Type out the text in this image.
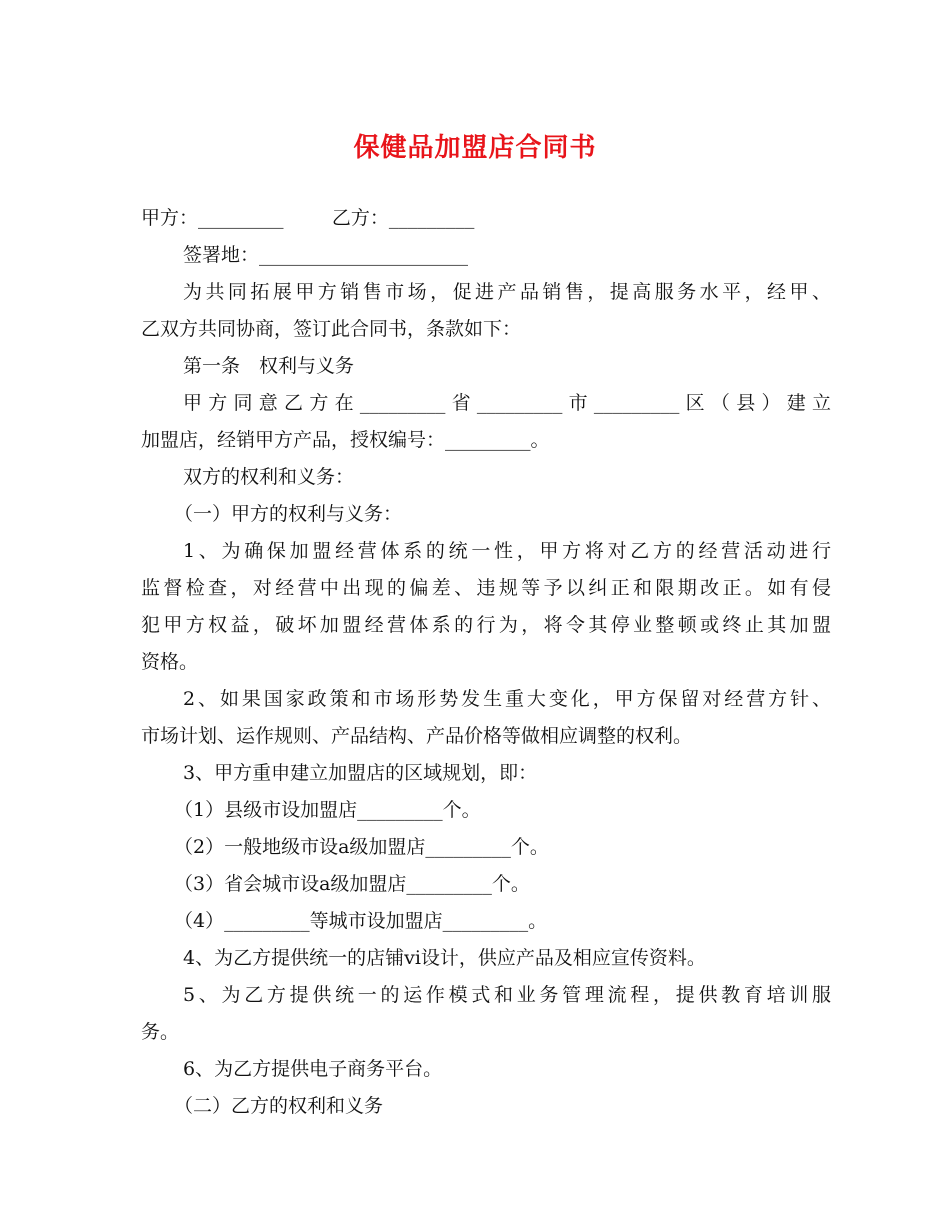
保健品加盟店合同书

甲方：_________        乙方：_________

签署地：______________________

为共同拓展甲方销售市场，促进产品销售，提高服务水平，经甲、

乙双方共同协商，签订此合同书，条款如下：

第一条　权利与义务

甲方同意乙方在_________省_________市_________区（县）建立

加盟店，经销甲方产品，授权编号：_________。

双方的权利和义务：

（一）甲方的权利与义务：

1、为确保加盟经营体系的统一性，甲方将对乙方的经营活动进行

监督检查，对经营中出现的偏差、违规等予以纠正和限期改正。如有侵

犯甲方权益，破坏加盟经营体系的行为，将令其停业整顿或终止其加盟

资格。

2、如果国家政策和市场形势发生重大变化，甲方保留对经营方针、

市场计划、运作规则、产品结构、产品价格等做相应调整的权利。

3、甲方重申建立加盟店的区域规划，即：

（1）县级市设加盟店_________个。

（2）一般地级市设a级加盟店_________个。

（3）省会城市设a级加盟店_________个。

（4）_________等城市设加盟店_________。

4、为乙方提供统一的店铺vi设计，供应产品及相应宣传资料。

5、为乙方提供统一的运作模式和业务管理流程，提供教育培训服

务。

6、为乙方提供电子商务平台。

（二）乙方的权利和义务
